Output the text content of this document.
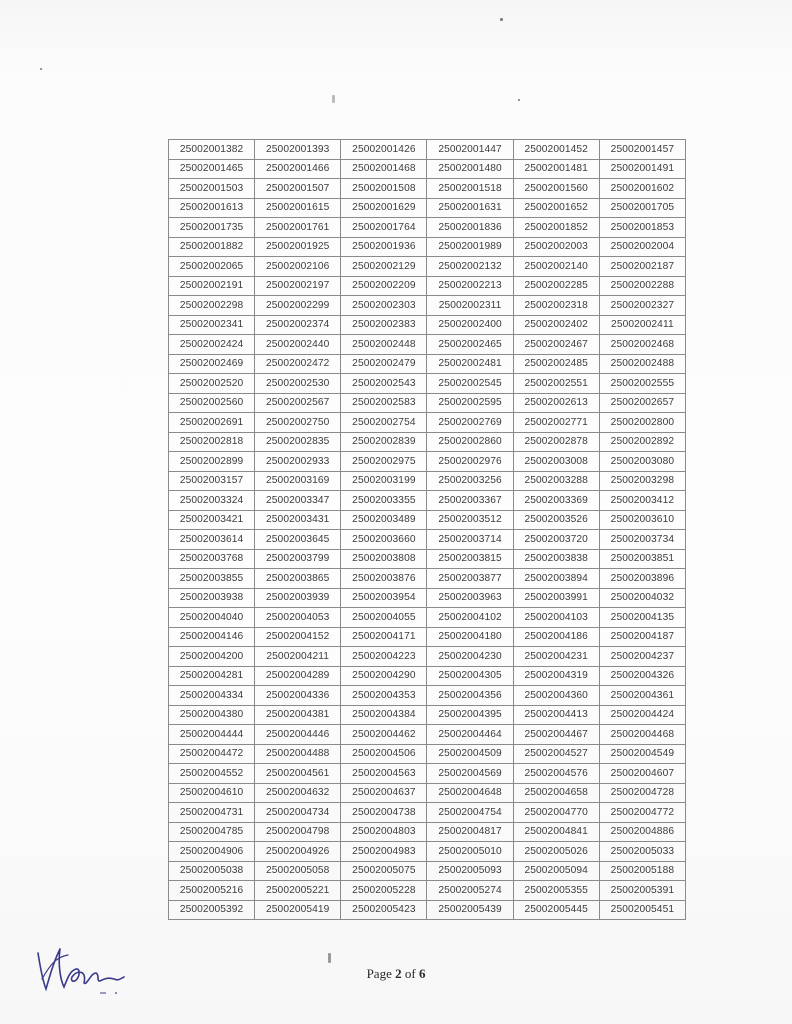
25002001382	25002001393	25002001426	25002001447	25002001452	25002001457
25002001465	25002001466	25002001468	25002001480	25002001481	25002001491
25002001503	25002001507	25002001508	25002001518	25002001560	25002001602
25002001613	25002001615	25002001629	25002001631	25002001652	25002001705
25002001735	25002001761	25002001764	25002001836	25002001852	25002001853
25002001882	25002001925	25002001936	25002001989	25002002003	25002002004
25002002065	25002002106	25002002129	25002002132	25002002140	25002002187
25002002191	25002002197	25002002209	25002002213	25002002285	25002002288
25002002298	25002002299	25002002303	25002002311	25002002318	25002002327
25002002341	25002002374	25002002383	25002002400	25002002402	25002002411
25002002424	25002002440	25002002448	25002002465	25002002467	25002002468
25002002469	25002002472	25002002479	25002002481	25002002485	25002002488
25002002520	25002002530	25002002543	25002002545	25002002551	25002002555
25002002560	25002002567	25002002583	25002002595	25002002613	25002002657
25002002691	25002002750	25002002754	25002002769	25002002771	25002002800
25002002818	25002002835	25002002839	25002002860	25002002878	25002002892
25002002899	25002002933	25002002975	25002002976	25002003008	25002003080
25002003157	25002003169	25002003199	25002003256	25002003288	25002003298
25002003324	25002003347	25002003355	25002003367	25002003369	25002003412
25002003421	25002003431	25002003489	25002003512	25002003526	25002003610
25002003614	25002003645	25002003660	25002003714	25002003720	25002003734
25002003768	25002003799	25002003808	25002003815	25002003838	25002003851
25002003855	25002003865	25002003876	25002003877	25002003894	25002003896
25002003938	25002003939	25002003954	25002003963	25002003991	25002004032
25002004040	25002004053	25002004055	25002004102	25002004103	25002004135
25002004146	25002004152	25002004171	25002004180	25002004186	25002004187
25002004200	25002004211	25002004223	25002004230	25002004231	25002004237
25002004281	25002004289	25002004290	25002004305	25002004319	25002004326
25002004334	25002004336	25002004353	25002004356	25002004360	25002004361
25002004380	25002004381	25002004384	25002004395	25002004413	25002004424
25002004444	25002004446	25002004462	25002004464	25002004467	25002004468
25002004472	25002004488	25002004506	25002004509	25002004527	25002004549
25002004552	25002004561	25002004563	25002004569	25002004576	25002004607
25002004610	25002004632	25002004637	25002004648	25002004658	25002004728
25002004731	25002004734	25002004738	25002004754	25002004770	25002004772
25002004785	25002004798	25002004803	25002004817	25002004841	25002004886
25002004906	25002004926	25002004983	25002005010	25002005026	25002005033
25002005038	25002005058	25002005075	25002005093	25002005094	25002005188
25002005216	25002005221	25002005228	25002005274	25002005355	25002005391
25002005392	25002005419	25002005423	25002005439	25002005445	25002005451
Page 2 of 6
